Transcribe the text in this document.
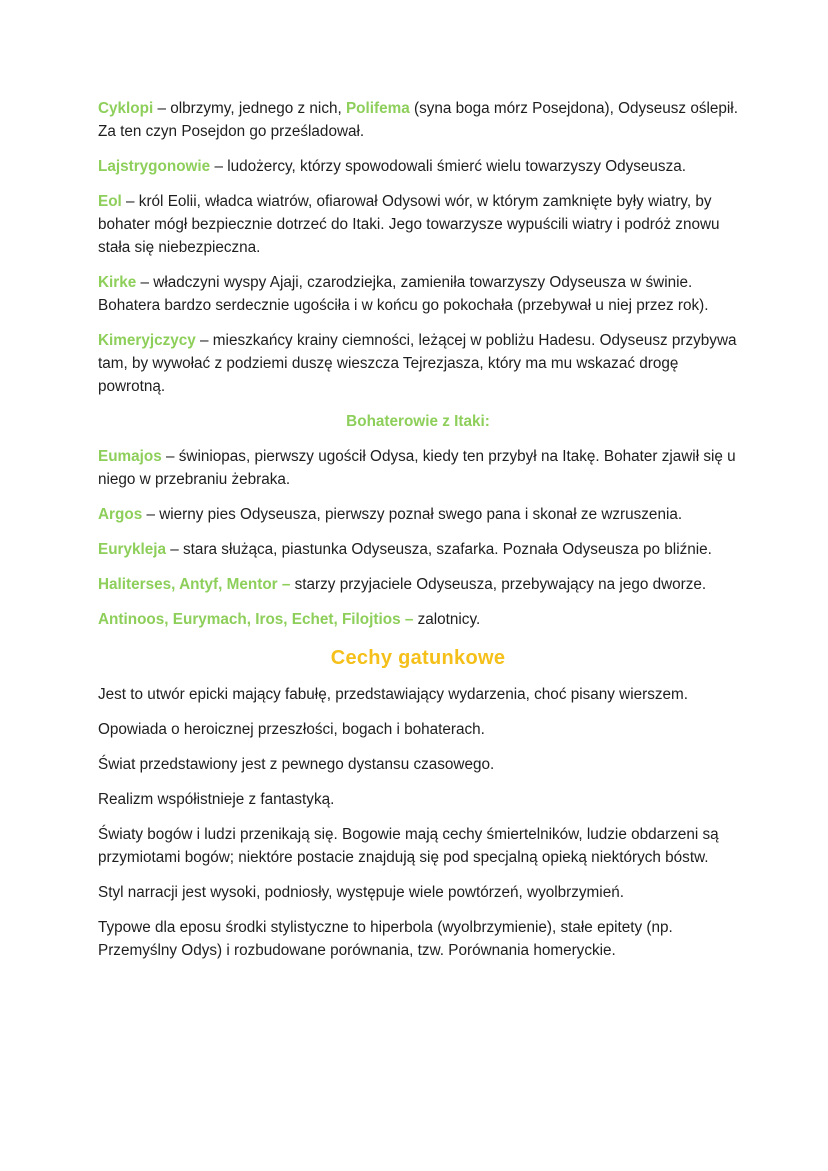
Cyklopi – olbrzymy, jednego z nich, Polifema (syna boga mórz Posejdona), Odyseusz oślepił. Za ten czyn Posejdon go prześladował.

Lajstrygonowie – ludożercy, którzy spowodowali śmierć wielu towarzyszy Odyseusza.

Eol – król Eolii, władca wiatrów, ofiarował Odysowi wór, w którym zamknięte były wiatry, by bohater mógł bezpiecznie dotrzeć do Itaki. Jego towarzysze wypuścili wiatry i podróż znowu stała się niebezpieczna.

Kirke – władczyni wyspy Ajaji, czarodziejka, zamieniła towarzyszy Odyseusza w świnie. Bohatera bardzo serdecznie ugościła i w końcu go pokochała (przebywał u niej przez rok).

Kimeryjczycy – mieszkańcy krainy ciemności, leżącej w pobliżu Hadesu. Odyseusz przybywa tam, by wywołać z podziemi duszę wieszcza Tejrezjasza, który ma mu wskazać drogę powrotną.

Bohaterowie z Itaki:

Eumajos – świniopas, pierwszy ugościł Odysa, kiedy ten przybył na Itakę. Bohater zjawił się u niego w przebraniu żebraka.

Argos – wierny pies Odyseusza, pierwszy poznał swego pana i skonał ze wzruszenia.

Eurykleja – stara służąca, piastunka Odyseusza, szafarka. Poznała Odyseusza po bliźnie.

Haliterses, Antyf, Mentor – starzy przyjaciele Odyseusza, przebywający na jego dworze.

Antinoos, Eurymach, Iros, Echet, Filojtios – zalotnicy.

Cechy gatunkowe

Jest to utwór epicki mający fabułę, przedstawiający wydarzenia, choć pisany wierszem.

Opowiada o heroicznej przeszłości, bogach i bohaterach.

Świat przedstawiony jest z pewnego dystansu czasowego.

Realizm współistnieje z fantastyką.

Światy bogów i ludzi przenikają się. Bogowie mają cechy śmiertelników, ludzie obdarzeni są przymiotami bogów; niektóre postacie znajdują się pod specjalną opieką niektórych bóstw.

Styl narracji jest wysoki, podniosły, występuje wiele powtórzeń, wyolbrzymień.

Typowe dla eposu środki stylistyczne to hiperbola (wyolbrzymienie), stałe epitety (np. Przemyślny Odys) i rozbudowane porównania, tzw. Porównania homeryckie.
